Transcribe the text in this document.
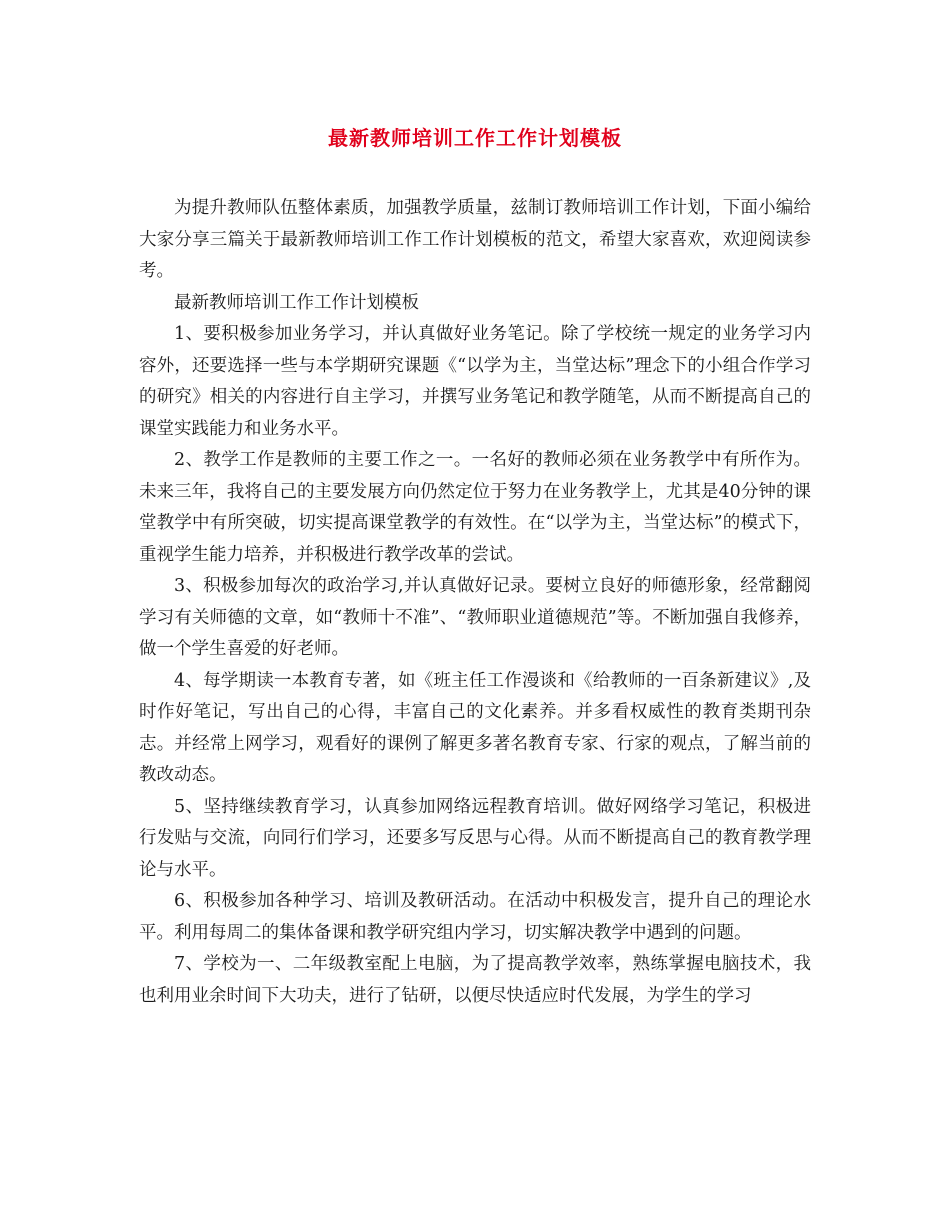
最新教师培训工作工作计划模板

为提升教师队伍整体素质，加强教学质量，兹制订教师培训工作计划，下面小编给大家分享三篇关于最新教师培训工作工作计划模板的范文，希望大家喜欢，欢迎阅读参考。

最新教师培训工作工作计划模板

1、要积极参加业务学习，并认真做好业务笔记。除了学校统一规定的业务学习内容外，还要选择一些与本学期研究课题《“以学为主，当堂达标”理念下的小组合作学习的研究》相关的内容进行自主学习，并撰写业务笔记和教学随笔，从而不断提高自己的课堂实践能力和业务水平。

2、教学工作是教师的主要工作之一。一名好的教师必须在业务教学中有所作为。未来三年，我将自己的主要发展方向仍然定位于努力在业务教学上，尤其是40分钟的课堂教学中有所突破，切实提高课堂教学的有效性。在“以学为主，当堂达标”的模式下，重视学生能力培养，并积极进行教学改革的尝试。

3、积极参加每次的政治学习,并认真做好记录。要树立良好的师德形象，经常翻阅学习有关师德的文章，如“教师十不准”、“教师职业道德规范”等。不断加强自我修养，做一个学生喜爱的好老师。

4、每学期读一本教育专著，如《班主任工作漫谈和《给教师的一百条新建议》,及时作好笔记，写出自己的心得，丰富自己的文化素养。并多看权威性的教育类期刊杂志。并经常上网学习，观看好的课例了解更多著名教育专家、行家的观点，了解当前的教改动态。

5、坚持继续教育学习，认真参加网络远程教育培训。做好网络学习笔记，积极进行发贴与交流，向同行们学习，还要多写反思与心得。从而不断提高自己的教育教学理论与水平。

6、积极参加各种学习、培训及教研活动。在活动中积极发言，提升自己的理论水平。利用每周二的集体备课和教学研究组内学习，切实解决教学中遇到的问题。

7、学校为一、二年级教室配上电脑，为了提高教学效率，熟练掌握电脑技术，我也利用业余时间下大功夫，进行了钻研，以便尽快适应时代发展，为学生的学习
